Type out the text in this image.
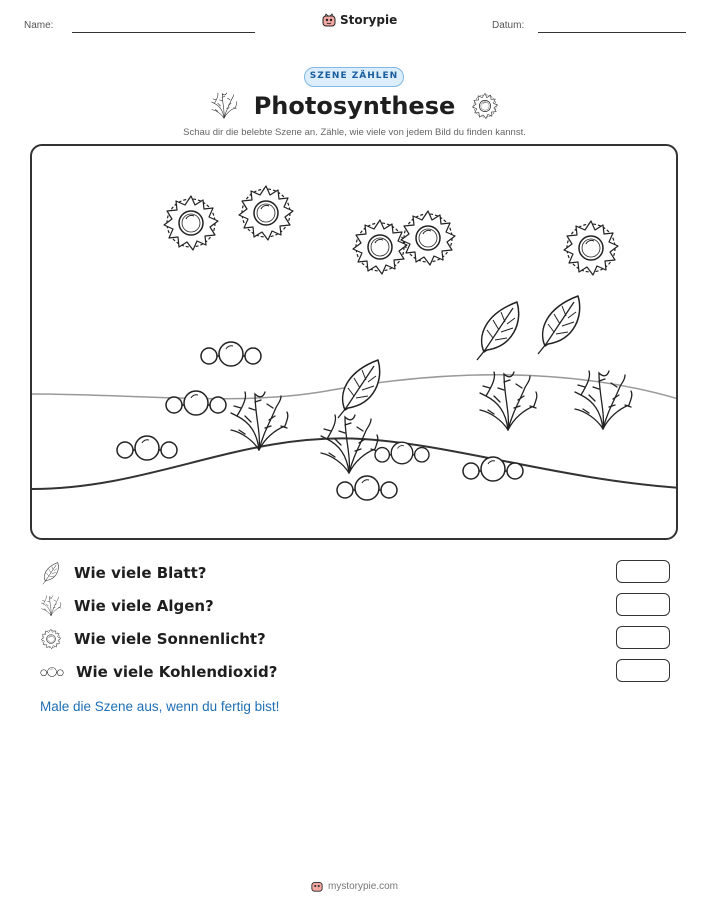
Name:	Storypie	Datum:
SZENE ZÄHLEN
Photosynthese
Schau dir die belebte Szene an. Zähle, wie viele von jedem Bild du finden kannst.
Wie viele Blatt?
Wie viele Algen?
Wie viele Sonnenlicht?
Wie viele Kohlendioxid?
Male die Szene aus, wenn du fertig bist!
mystorypie.com
